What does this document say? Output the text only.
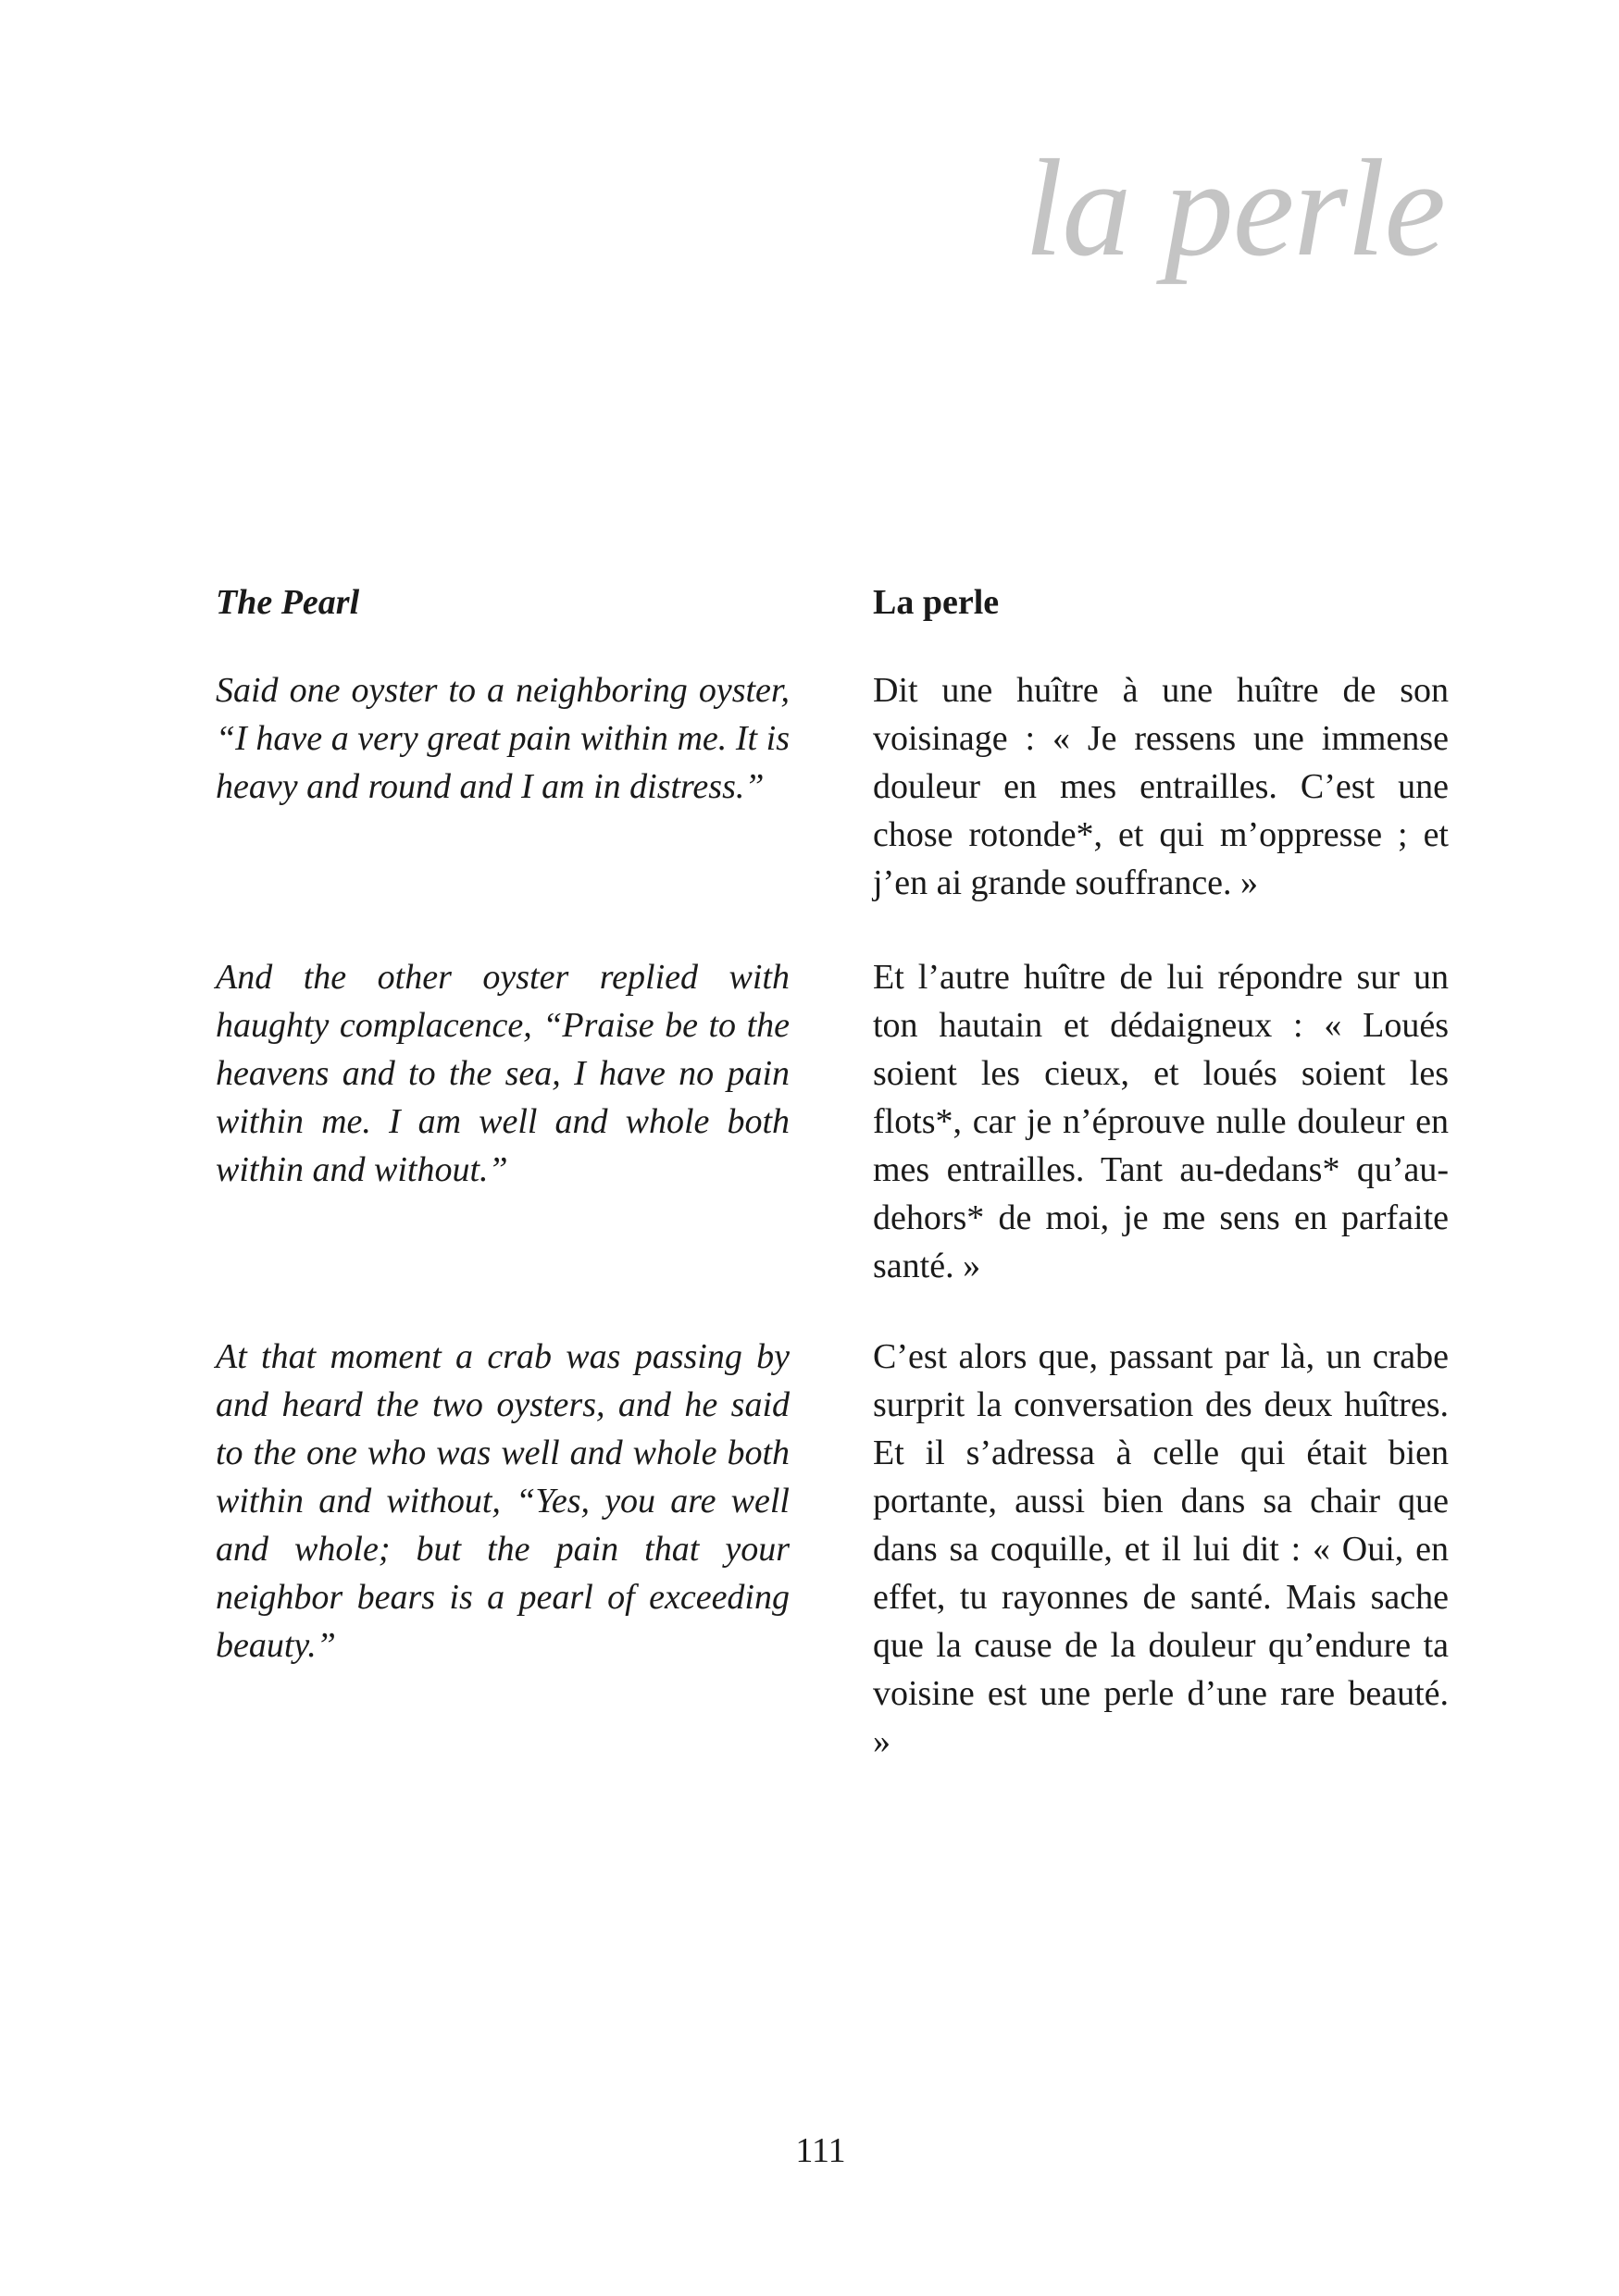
la perle
The Pearl

Said one oyster to a neighboring oyster, “I have a very great pain within me. It is heavy and round and I am in distress.”

And the other oyster replied with haughty complacence, “Praise be to the heavens and to the sea, I have no pain within me. I am well and whole both within and without.”

At that moment a crab was passing by and heard the two oysters, and he said to the one who was well and whole both within and without, “Yes, you are well and whole; but the pain that your neighbor bears is a pearl of exceeding beauty.”

La perle

Dit une huître à une huître de son voisinage : « Je ressens une immense douleur en mes entrailles. C’est une chose rotonde*, et qui m’oppresse ; et j’en ai grande souffrance. »

Et l’autre huître de lui répondre sur un ton hautain et dédaigneux : « Loués soient les cieux, et loués soient les flots*, car je n’éprouve nulle douleur en mes entrailles. Tant au-dedans* qu’au-dehors* de moi, je me sens en parfaite santé. »

C’est alors que, passant par là, un crabe surprit la conversation des deux huîtres. Et il s’adressa à celle qui était bien portante, aussi bien dans sa chair que dans sa coquille, et il lui dit : « Oui, en effet, tu rayonnes de santé. Mais sache que la cause de la douleur qu’endure ta voisine est une perle d’une rare beauté. »

111
